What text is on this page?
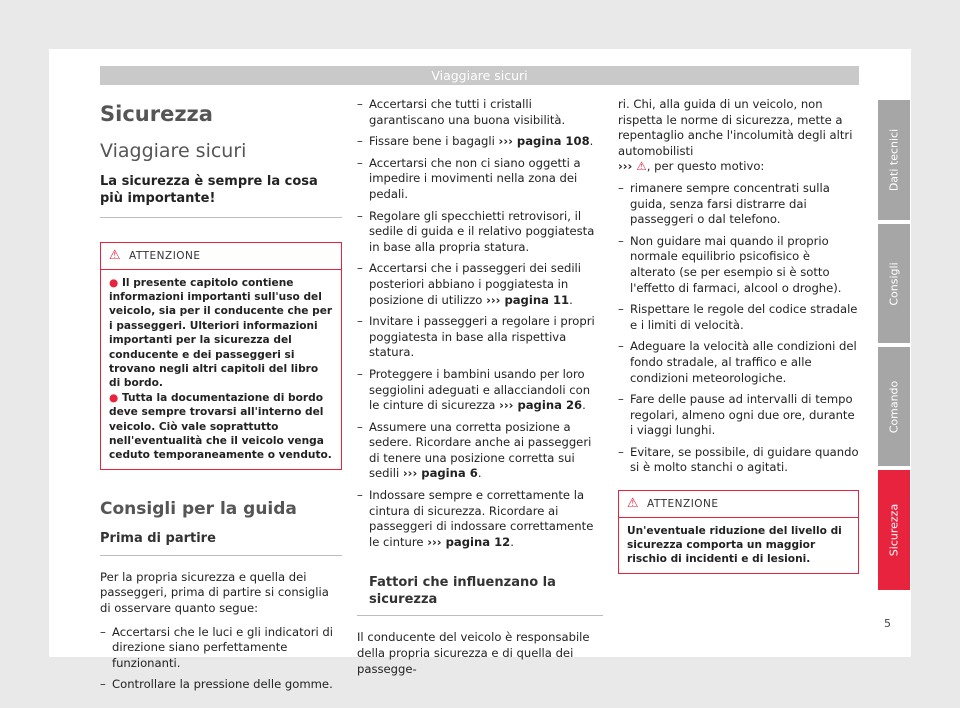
Viaggiare sicuri
Sicurezza
Viaggiare sicuri
La sicurezza è sempre la cosa più importante!
⚠ ATTENZIONE

● Il presente capitolo contiene informazioni importanti sull'uso del veicolo, sia per il conducente che per i passeggeri. Ulteriori informazioni importanti per la sicurezza del conducente e dei passeggeri si trovano negli altri capitoli del libro di bordo.

● Tutta la documentazione di bordo deve sempre trovarsi all'interno del veicolo. Ciò vale soprattutto nell'eventualità che il veicolo venga ceduto temporaneamente o venduto.

Consigli per la guida
Prima di partire

Per la propria sicurezza e quella dei passeggeri, prima di partire si consiglia di osservare quanto segue:

– Accertarsi che le luci e gli indicatori di direzione siano perfettamente funzionanti.
– Controllare la pressione delle gomme.
– Accertarsi che tutti i cristalli garantiscano una buona visibilità.
– Fissare bene i bagagli ››› pagina 108.
– Accertarsi che non ci siano oggetti a impedire i movimenti nella zona dei pedali.
– Regolare gli specchietti retrovisori, il sedile di guida e il relativo poggiatesta in base alla propria statura.
– Accertarsi che i passeggeri dei sedili posteriori abbiano i poggiatesta in posizione di utilizzo ››› pagina 11.
– Invitare i passeggeri a regolare i propri poggiatesta in base alla rispettiva statura.
– Proteggere i bambini usando per loro seggiolini adeguati e allacciandoli con le cinture di sicurezza ››› pagina 26.
– Assumere una corretta posizione a sedere. Ricordare anche ai passeggeri di tenere una posizione corretta sui sedili ››› pagina 6.
– Indossare sempre e correttamente la cintura di sicurezza. Ricordare ai passeggeri di indossare correttamente le cinture ››› pagina 12.
Fattori che influenzano la sicurezza

Il conducente del veicolo è responsabile della propria sicurezza e di quella dei passegge-

ri. Chi, alla guida di un veicolo, non rispetta le norme di sicurezza, mette a repentaglio anche l'incolumità degli altri automobilisti
››› ⚠, per questo motivo:

– rimanere sempre concentrati sulla guida, senza farsi distrarre dai passeggeri o dal telefono.
– Non guidare mai quando il proprio normale equilibrio psicofisico è alterato (se per esempio si è sotto l'effetto di farmaci, alcool o droghe).
– Rispettare le regole del codice stradale e i limiti di velocità.
– Adeguare la velocità alle condizioni del fondo stradale, al traffico e alle condizioni meteorologiche.
– Fare delle pause ad intervalli di tempo regolari, almeno ogni due ore, durante i viaggi lunghi.
– Evitare, se possibile, di guidare quando si è molto stanchi o agitati.
⚠ ATTENZIONE

Un'eventuale riduzione del livello di sicurezza comporta un maggior rischio di incidenti e di lesioni.

Dati tecnici
Consigli
Comando
Sicurezza
5
